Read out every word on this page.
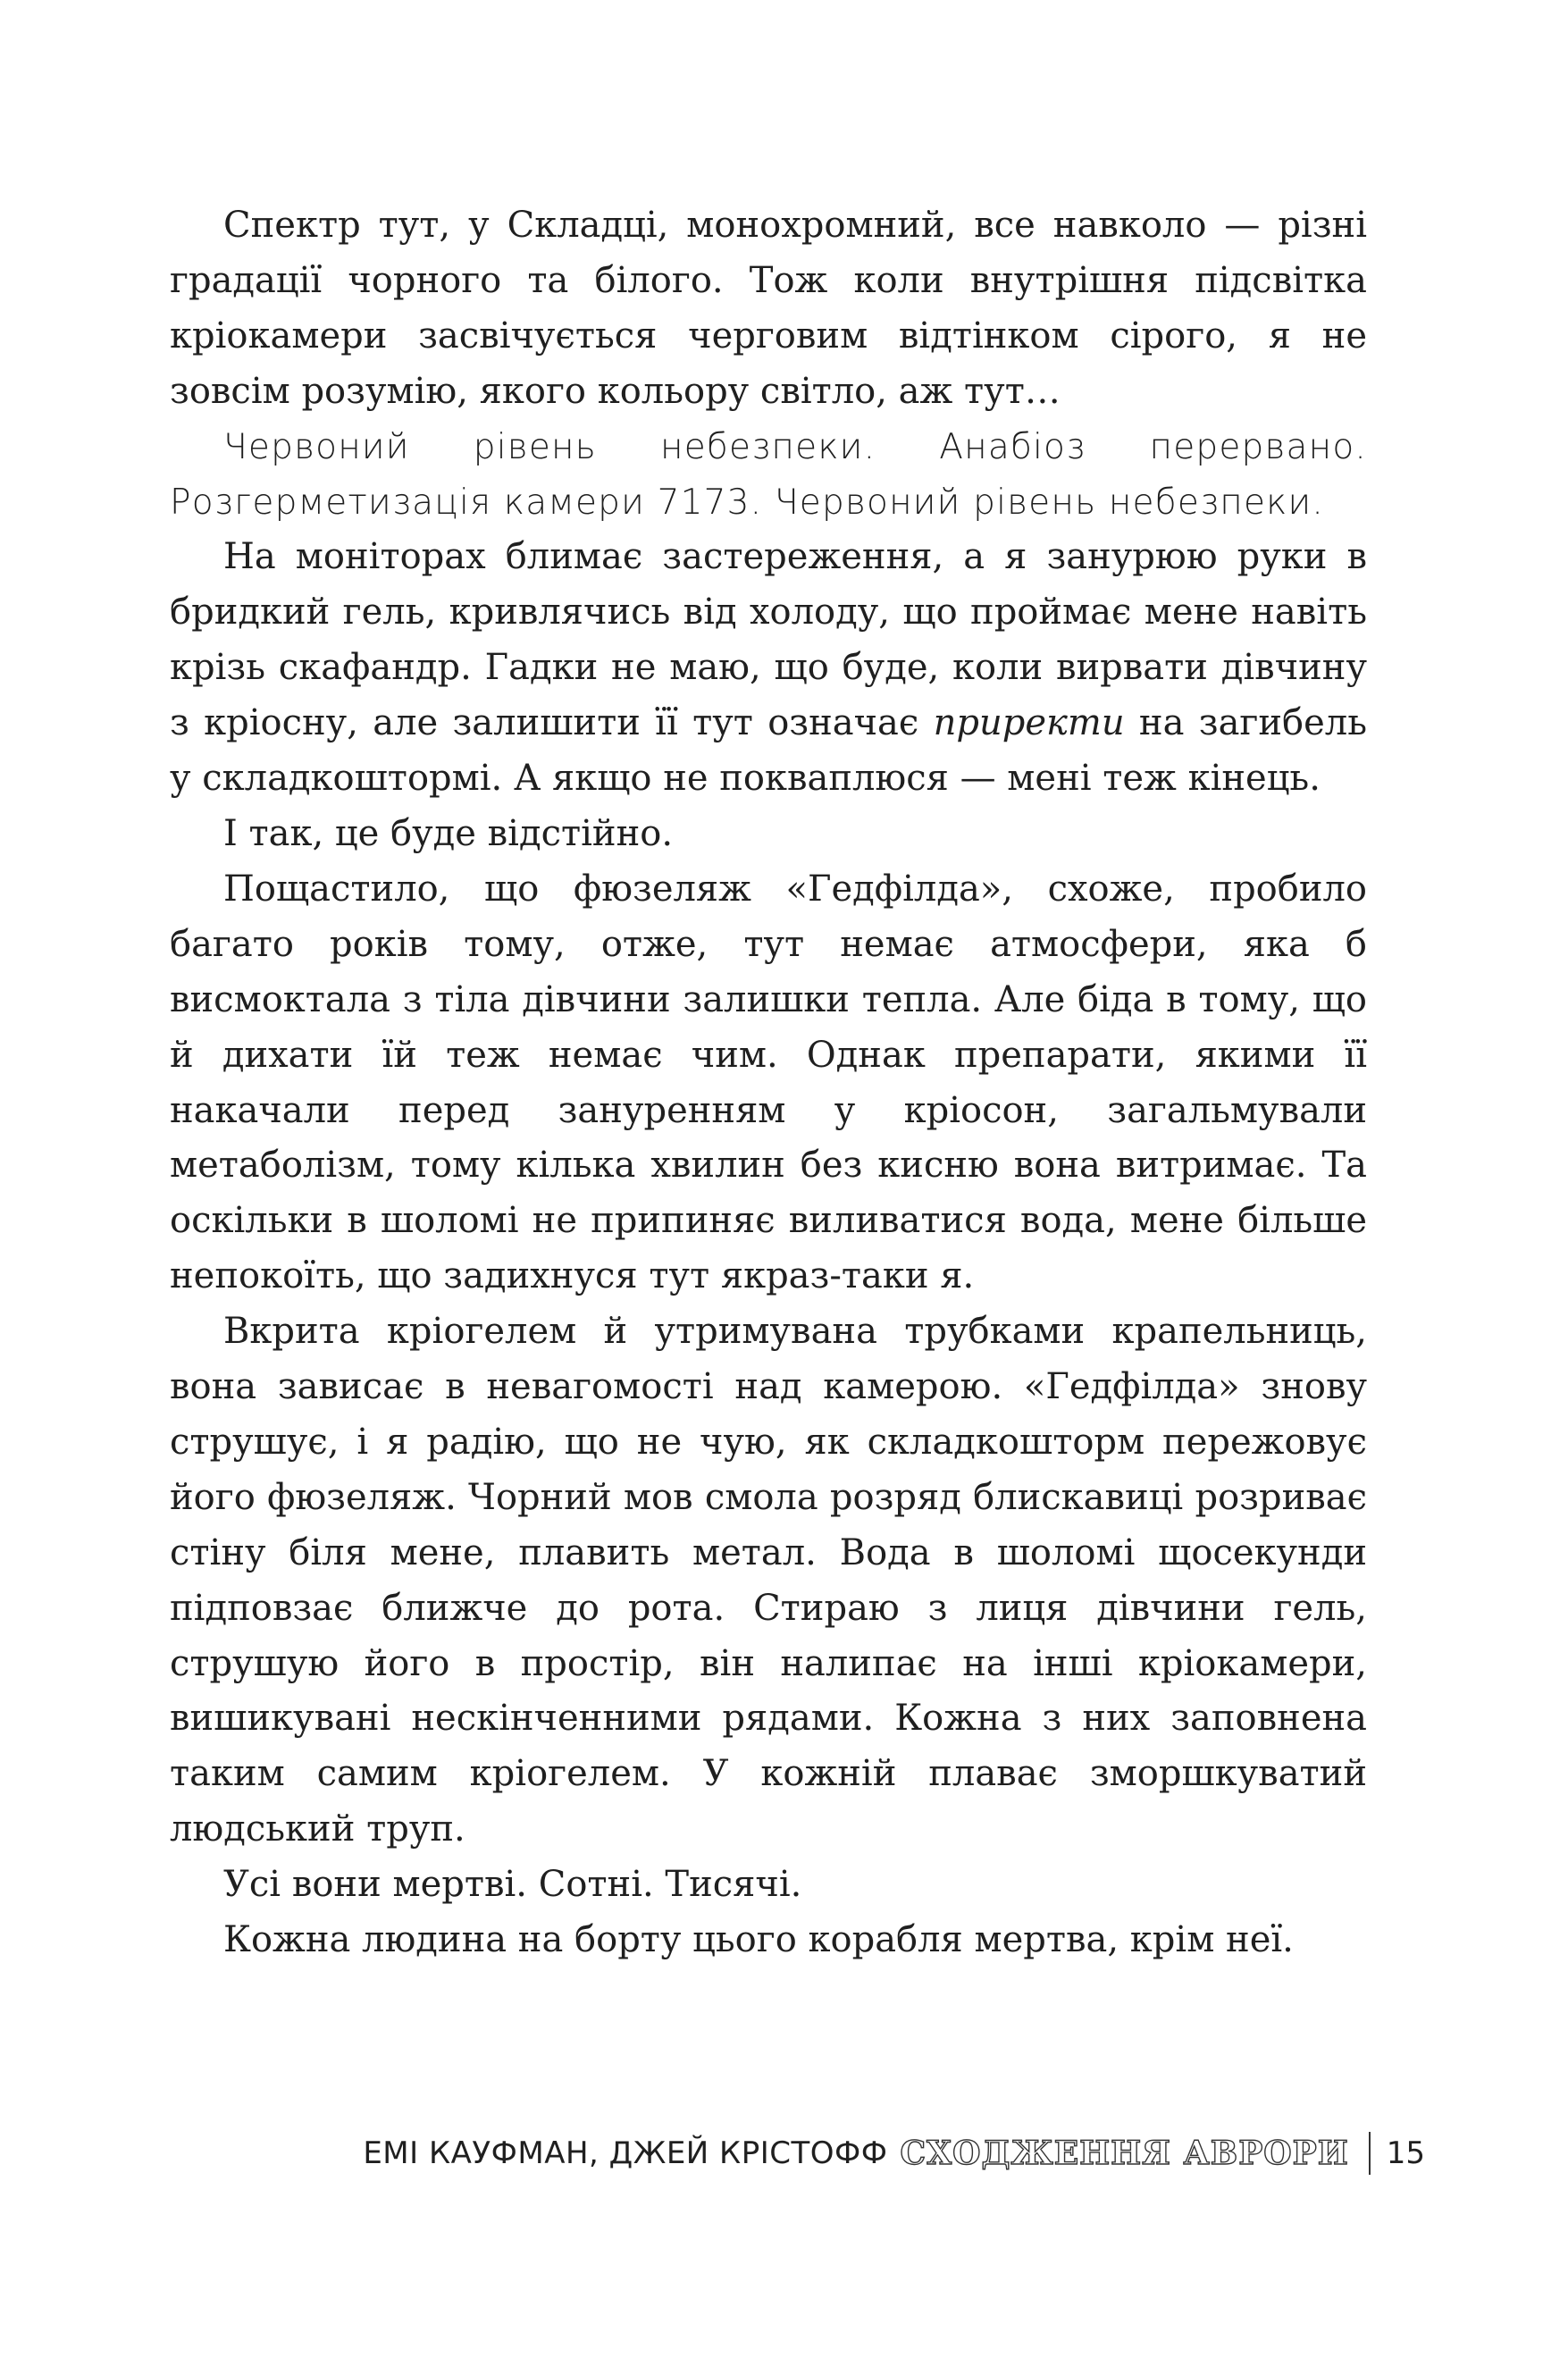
Спектр тут, у Складці, монохромний, все навколо — різні градації чорного та білого. Тож коли внутрішня підсвітка кріокамери засвічується черговим відтінком сірого, я не зовсім розумію, якого кольору світло, аж тут…

Червоний рівень небезпеки. Анабіоз перервано. Розгерметизація камери 7173. Червоний рівень небезпеки.

На моніторах блимає застереження, а я занурюю руки в бридкий гель, кривлячись від холоду, що проймає мене навіть крізь скафандр. Гадки не маю, що буде, коли вирвати дівчину з кріосну, але залишити її тут означає приректи на загибель у складкоштормі. А якщо не покваплюся — мені теж кінець.

І так, це буде відстійно.

Пощастило, що фюзеляж «Гедфілда», схоже, пробило багато років тому, отже, тут немає атмосфери, яка б висмоктала з тіла дівчини залишки тепла. Але біда в тому, що й дихати їй теж немає чим. Однак препарати, якими її накачали перед зануренням у кріосон, загальмували метаболізм, тому кілька хвилин без кисню вона витримає. Та оскільки в шоломі не припиняє виливатися вода, мене більше непокоїть, що задихнуся тут якраз-таки я.

Вкрита кріогелем й утримувана трубками крапельниць, вона зависає в невагомості над камерою. «Гедфілда» знову струшує, і я радію, що не чую, як складкошторм пережовує його фюзеляж. Чорний мов смола розряд блискавиці розриває стіну біля мене, плавить метал. Вода в шоломі щосекунди підповзає ближче до рота. Стираю з лиця дівчини гель, струшую його в простір, він налипає на інші кріокамери, вишикувані нескінченними рядами. Кожна з них заповнена таким самим кріогелем. У кожній плаває зморшкуватий людський труп.

Усі вони мертві. Сотні. Тисячі.

Кожна людина на борту цього корабля мертва, крім неї.

ЕМІ КАУФМАН, ДЖЕЙ КРІСТОФФ СХОДЖЕННЯ АВРОРИ 15
